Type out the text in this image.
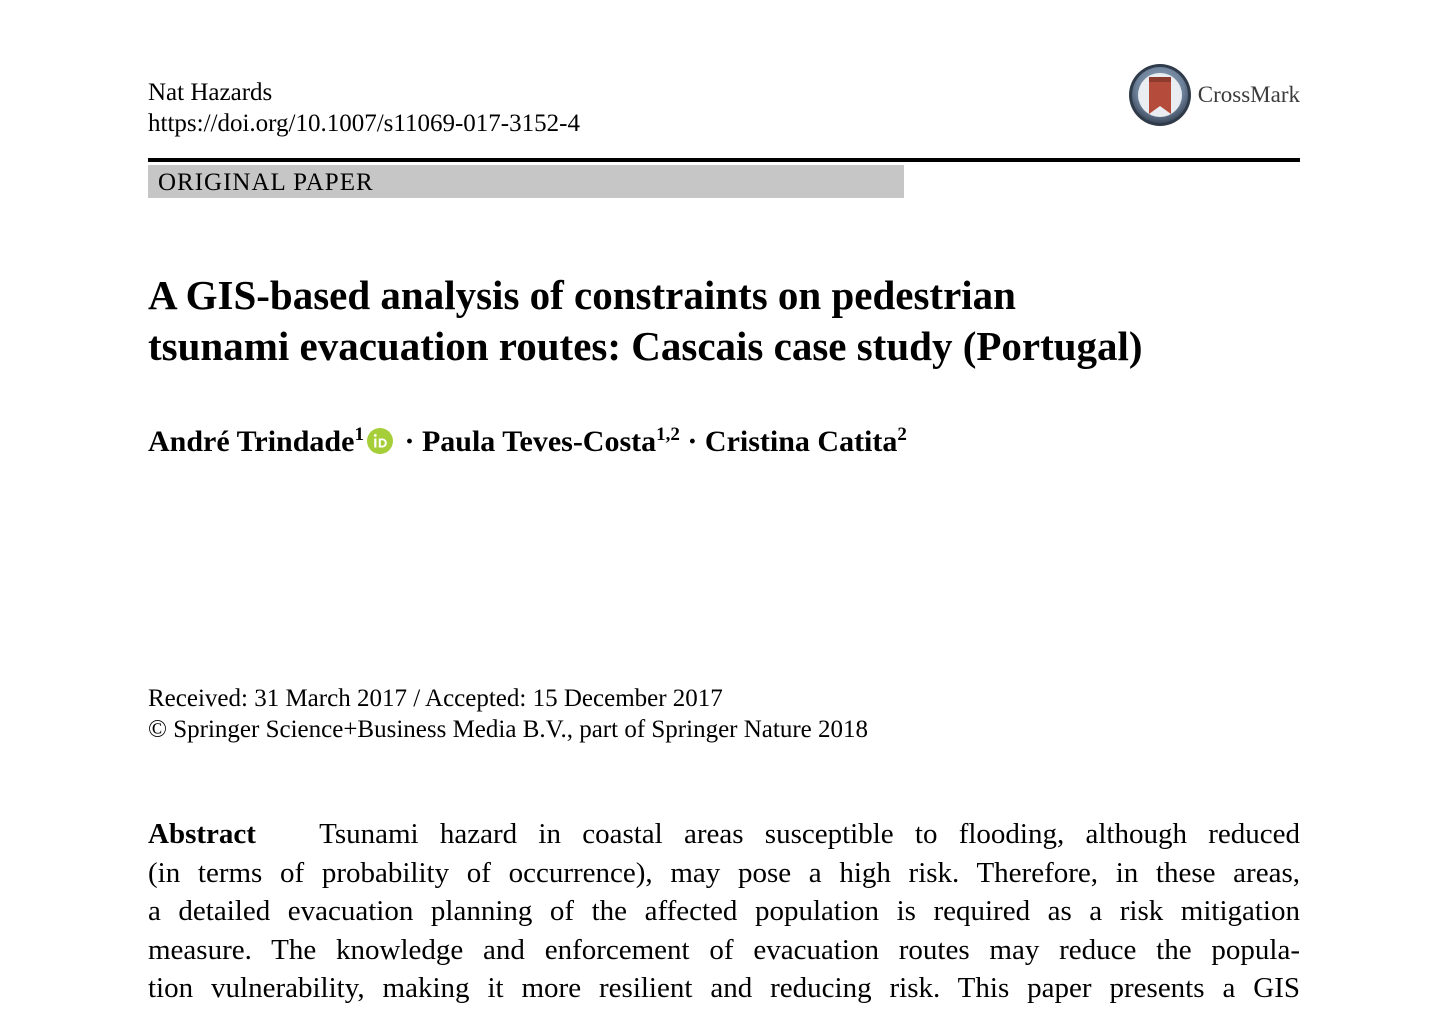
Nat Hazards
https://doi.org/10.1007/s11069-017-3152-4
CrossMark
ORIGINAL PAPER
A GIS-based analysis of constraints on pedestrian
tsunami evacuation routes: Cascais case study (Portugal)
André Trindade$^1$ · Paula Teves-Costa$^{1,2}$ · Cristina Catita$^2$
Received: 31 March 2017 / Accepted: 15 December 2017
© Springer Science+Business Media B.V., part of Springer Nature 2018
Abstract Tsunami hazard in coastal areas susceptible to flooding, although reduced
(in terms of probability of occurrence), may pose a high risk. Therefore, in these areas,
a detailed evacuation planning of the affected population is required as a risk mitigation
measure. The knowledge and enforcement of evacuation routes may reduce the popula-
tion vulnerability, making it more resilient and reducing risk. This paper presents a GIS
